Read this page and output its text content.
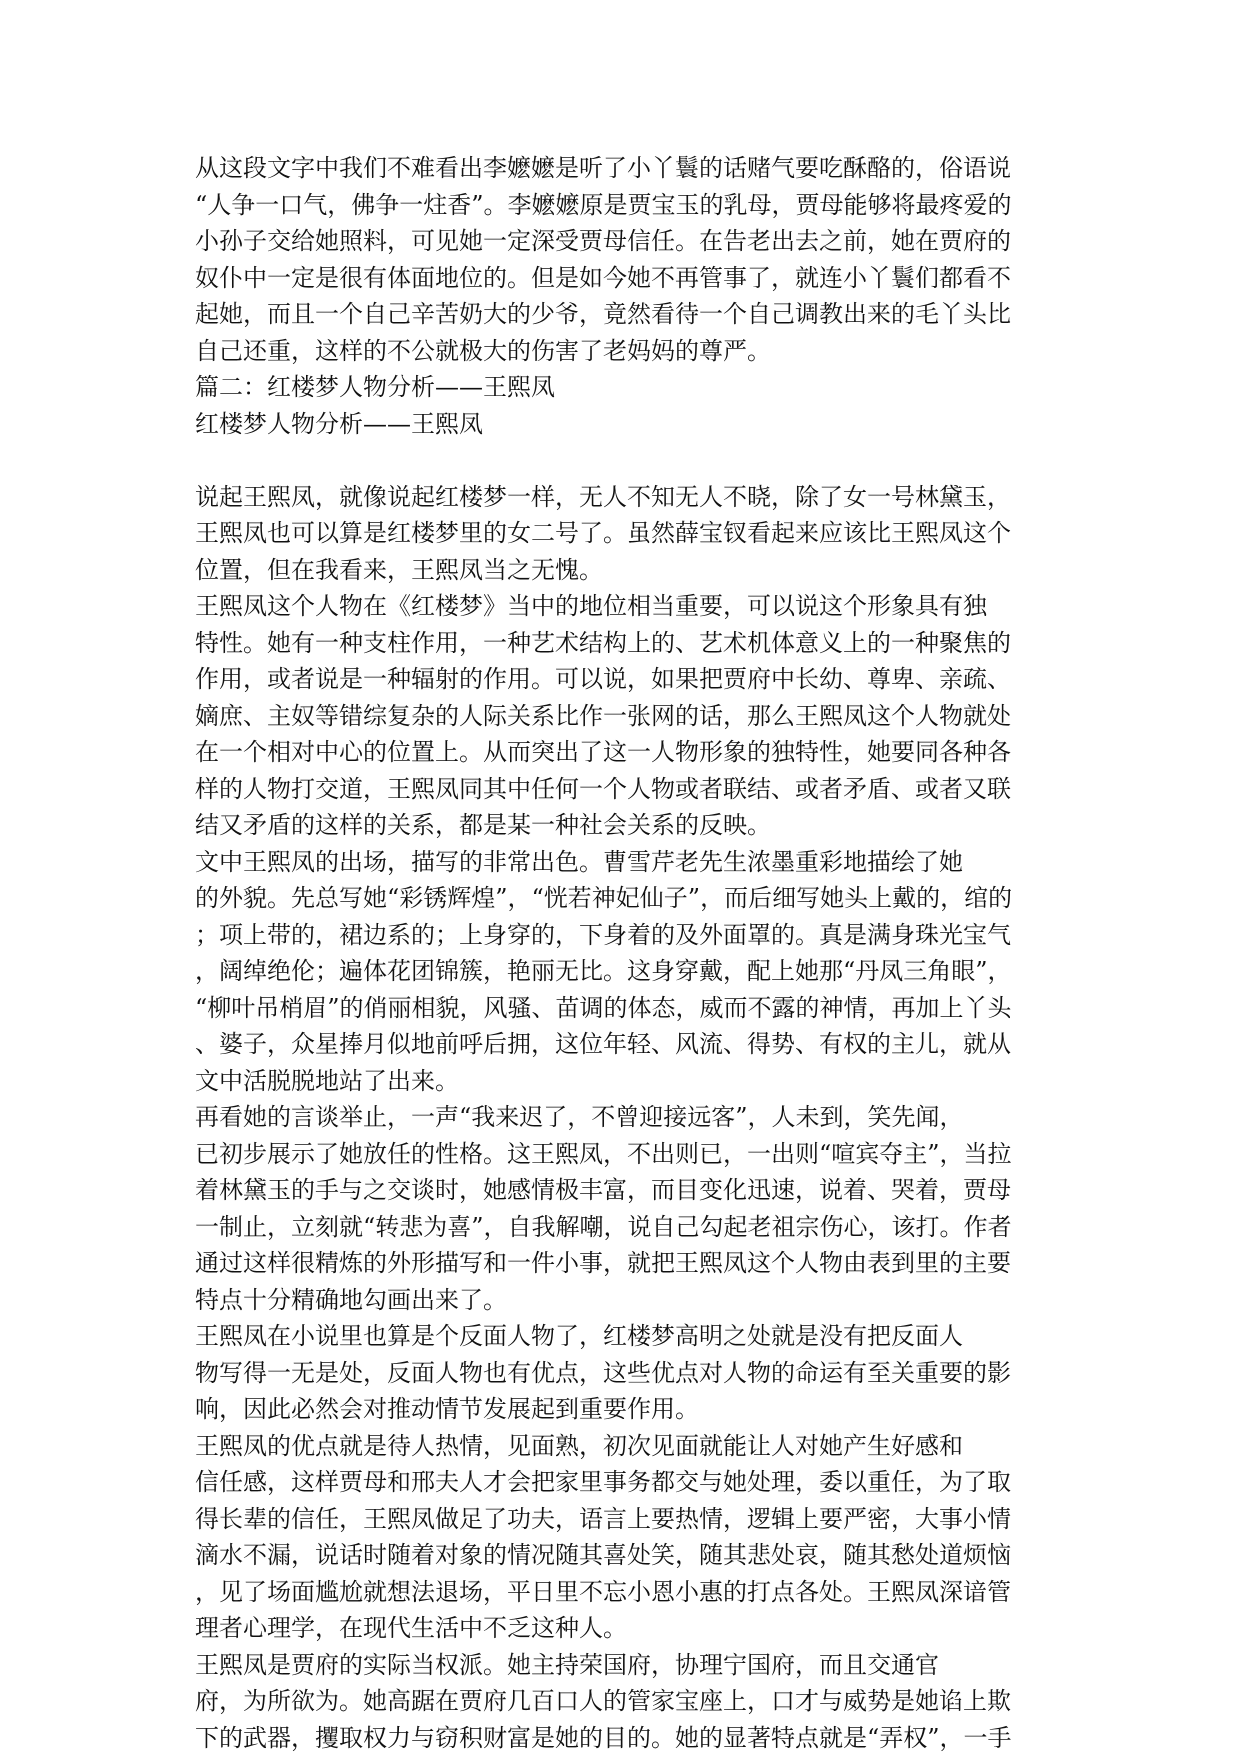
从这段文字中我们不难看出李嬷嬷是听了小丫鬟的话赌气要吃酥酪的，俗语说
“人争一口气，佛争一炷香”。李嬷嬷原是贾宝玉的乳母，贾母能够将最疼爱的
小孙子交给她照料，可见她一定深受贾母信任。在告老出去之前，她在贾府的
奴仆中一定是很有体面地位的。但是如今她不再管事了，就连小丫鬟们都看不
起她，而且一个自己辛苦奶大的少爷，竟然看待一个自己调教出来的毛丫头比
自己还重，这样的不公就极大的伤害了老妈妈的尊严。
篇二：红楼梦人物分析——王熙凤
红楼梦人物分析——王熙凤
说起王熙凤，就像说起红楼梦一样，无人不知无人不晓，除了女一号林黛玉，
王熙凤也可以算是红楼梦里的女二号了。虽然薛宝钗看起来应该比王熙凤这个
位置，但在我看来，王熙凤当之无愧。
王熙凤这个人物在《红楼梦》当中的地位相当重要，可以说这个形象具有独
特性。她有一种支柱作用，一种艺术结构上的、艺术机体意义上的一种聚焦的
作用，或者说是一种辐射的作用。可以说，如果把贾府中长幼、尊卑、亲疏、
嫡庶、主奴等错综复杂的人际关系比作一张网的话，那么王熙凤这个人物就处
在一个相对中心的位置上。从而突出了这一人物形象的独特性，她要同各种各
样的人物打交道，王熙凤同其中任何一个人物或者联结、或者矛盾、或者又联
结又矛盾的这样的关系，都是某一种社会关系的反映。
文中王熙凤的出场，描写的非常出色。曹雪芹老先生浓墨重彩地描绘了她
的外貌。先总写她“彩锈辉煌”，“恍若神妃仙子”，而后细写她头上戴的，绾的
；项上带的，裙边系的；上身穿的，下身着的及外面罩的。真是满身珠光宝气
，阔绰绝伦；遍体花团锦簇，艳丽无比。这身穿戴，配上她那“丹凤三角眼”，
“柳叶吊梢眉”的俏丽相貌，风骚、苗调的体态，威而不露的神情，再加上丫头
、婆子，众星捧月似地前呼后拥，这位年轻、风流、得势、有权的主儿，就从
文中活脱脱地站了出来。
再看她的言谈举止，一声“我来迟了，不曾迎接远客”，人未到，笑先闻，
已初步展示了她放任的性格。这王熙凤，不出则已，一出则“喧宾夺主”，当拉
着林黛玉的手与之交谈时，她感情极丰富，而目变化迅速，说着、哭着，贾母
一制止，立刻就“转悲为喜”，自我解嘲，说自己勾起老祖宗伤心，该打。作者
通过这样很精炼的外形描写和一件小事，就把王熙凤这个人物由表到里的主要
特点十分精确地勾画出来了。
王熙凤在小说里也算是个反面人物了，红楼梦高明之处就是没有把反面人
物写得一无是处，反面人物也有优点，这些优点对人物的命运有至关重要的影
响，因此必然会对推动情节发展起到重要作用。
王熙凤的优点就是待人热情，见面熟，初次见面就能让人对她产生好感和
信任感，这样贾母和邢夫人才会把家里事务都交与她处理，委以重任，为了取
得长辈的信任，王熙凤做足了功夫，语言上要热情，逻辑上要严密，大事小情
滴水不漏，说话时随着对象的情况随其喜处笑，随其悲处哀，随其愁处道烦恼
，见了场面尴尬就想法退场，平日里不忘小恩小惠的打点各处。王熙凤深谙管
理者心理学，在现代生活中不乏这种人。
王熙凤是贾府的实际当权派。她主持荣国府，协理宁国府，而且交通官
府，为所欲为。她高踞在贾府几百口人的管家宝座上，口才与威势是她谄上欺
下的武器，攫取权力与窃积财富是她的目的。她的显著特点就是“弄权”，一手
